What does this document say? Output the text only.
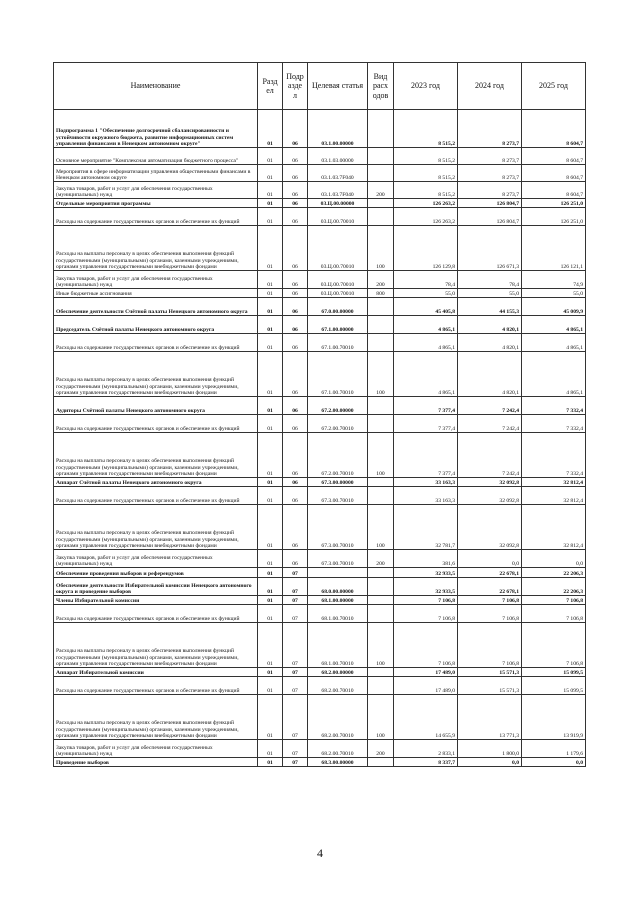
Наименование	Разд ел	Подр азде л	Целевая статья	Вид расх одов	2023 год	2024 год	2025 год
Подпрограмма 1 "Обеспечение долгосрочной сбалансированности и устойчивости окружного бюджета, развитие информационных систем управления финансами в Ненецком автономном округе"	01	06	03.1.00.00000		8 515,2	8 273,7	8 604,7
Основное мероприятие "Комплексная автоматизация бюджетного процесса"	01	06	03.1.03.00000		8 515,2	8 273,7	8 604,7
Мероприятия в сфере информатизации управления общественными финансами в Ненецком автономном округе	01	06	03.1.03.7F040		8 515,2	8 273,7	8 604,7
Закупка товаров, работ и услуг для обеспечения государственных (муниципальных) нужд	01	06	03.1.03.7F040	200	8 515,2	8 273,7	8 604,7
Отдельные мероприятия программы	01	06	03.Ц.00.00000		126 263,2	126 804,7	126 251,0
Расходы на содержание государственных органов и обеспечение их функций	01	06	03.Ц.00.70010		126 263,2	126 804,7	126 251,0
Расходы на выплаты персоналу в целях обеспечения выполнения функций государственными (муниципальными) органами, казенными учреждениями, органами управления государственными внебюджетными фондами	01	06	03.Ц.00.70010	100	126 129,8	126 671,3	126 121,1
Закупка товаров, работ и услуг для обеспечения государственных (муниципальных) нужд	01	06	03.Ц.00.70010	200	78,4	78,4	74,9
Иные бюджетные ассигнования	01	06	03.Ц.00.70010	800	55,0	55,0	55,0
Обеспечение деятельности Счётной палаты Ненецкого автономного округа	01	06	67.0.00.00000		45 405,8	44 155,3	45 009,9
Председатель Счётной палаты Ненецкого автономного округа	01	06	67.1.00.00000		4 865,1	4 820,1	4 865,1
Расходы на содержание государственных органов и обеспечение их функций	01	06	67.1.00.70010		4 865,1	4 820,1	4 865,1
Расходы на выплаты персоналу в целях обеспечения выполнения функций государственными (муниципальными) органами, казенными учреждениями, органами управления государственными внебюджетными фондами	01	06	67.1.00.70010	100	4 865,1	4 820,1	4 865,1
Аудиторы Счётной палаты Ненецкого автономного округа	01	06	67.2.00.00000		7 377,4	7 242,4	7 332,4
Расходы на содержание государственных органов и обеспечение их функций	01	06	67.2.00.70010		7 377,4	7 242,4	7 332,4
Расходы на выплаты персоналу в целях обеспечения выполнения функций государственными (муниципальными) органами, казенными учреждениями, органами управления государственными внебюджетными фондами	01	06	67.2.00.70010	100	7 377,4	7 242,4	7 332,4
Аппарат Счётной палаты Ненецкого автономного округа	01	06	67.3.00.00000		33 163,3	32 092,8	32 812,4
Расходы на содержание государственных органов и обеспечение их функций	01	06	67.3.00.70010		33 163,3	32 092,8	32 812,4
Расходы на выплаты персоналу в целях обеспечения выполнения функций государственными (муниципальными) органами, казенными учреждениями, органами управления государственными внебюджетными фондами	01	06	67.3.00.70010	100	32 781,7	32 092,8	32 812,4
Закупка товаров, работ и услуг для обеспечения государственных (муниципальных) нужд	01	06	67.3.00.70010	200	381,6	0,0	0,0
Обеспечение проведения выборов и референдумов	01	07			32 933,5	22 678,1	22 206,3
Обеспечение деятельности Избирательной комиссии Ненецкого автономного округа и проведение выборов	01	07	68.0.00.00000		32 933,5	22 678,1	22 206,3
Члены Избирательной комиссии	01	07	68.1.00.00000		7 106,8	7 106,8	7 106,8
Расходы на содержание государственных органов и обеспечение их функций	01	07	68.1.00.70010		7 106,8	7 106,8	7 106,8
Расходы на выплаты персоналу в целях обеспечения выполнения функций государственными (муниципальными) органами, казенными учреждениями, органами управления государственными внебюджетными фондами	01	07	68.1.00.70010	100	7 106,8	7 106,8	7 106,8
Аппарат Избирательной комиссии	01	07	68.2.00.00000		17 489,0	15 571,3	15 099,5
Расходы на содержание государственных органов и обеспечение их функций	01	07	68.2.00.70010		17 489,0	15 571,3	15 099,5
Расходы на выплаты персоналу в целях обеспечения выполнения функций государственными (муниципальными) органами, казенными учреждениями, органами управления государственными внебюджетными фондами	01	07	68.2.00.70010	100	14 655,9	13 771,3	13 919,9
Закупка товаров, работ и услуг для обеспечения государственных (муниципальных) нужд	01	07	68.2.00.70010	200	2 833,1	1 800,0	1 179,6
Проведение выборов	01	07	68.3.00.00000		8 337,7	0,0	0,0
4
